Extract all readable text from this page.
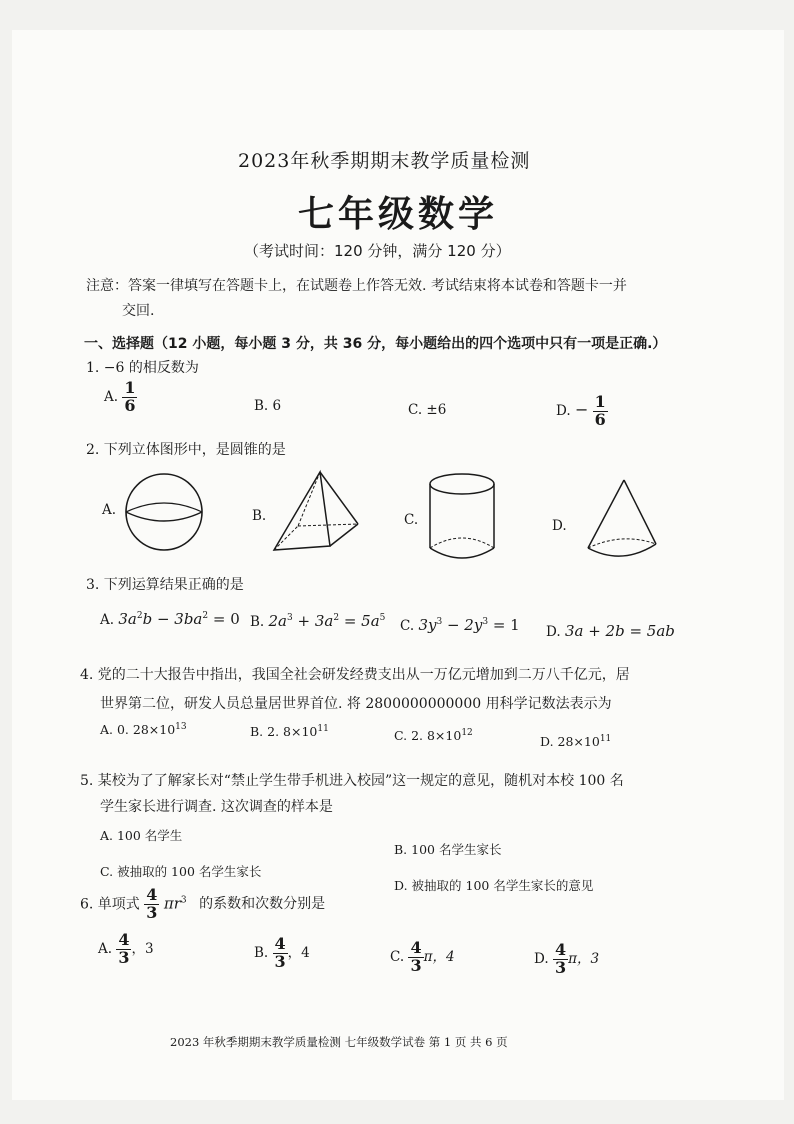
2023年秋季期期末教学质量检测
七年级数学
（考试时间：120 分钟，满分 120 分）
注意：答案一律填写在答题卡上，在试题卷上作答无效. 考试结束将本试卷和答题卡一并
交回.
一、选择题（12 小题，每小题 3 分，共 36 分，每小题给出的四个选项中只有一项是正确.）
1. −6 的相反数为
A. $\frac{1}{6}$	B. 6	C. ±6	D. − $\frac{1}{6}$
2. 下列立体图形中，是圆锥的是
A.	B.	C.	D.
3. 下列运算结果正确的是
A. $3a^2b - 3ba^2 = 0$ B. $2a^3 + 3a^2 = 5a^5$ C. $3y^3 - 2y^3 = 1$ D. 3a + 2b = 5ab
4. 党的二十大报告中指出，我国全社会研发经费支出从一万亿元增加到二万八千亿元，居
世界第二位，研发人员总量居世界首位. 将 2800000000000 用科学记数法表示为
A. 0. $28\times 10^{13}$	B. 2. $8\times 10^{11}$	C. 2. $8\times 10^{12}$
D. $28\times 10^{11}$
5. 某校为了了解家长对“禁止学生带手机进入校园”这一规定的意见，随机对本校 100 名
学生家长进行调查. 这次调查的样本是
A. 100 名学生
B. 100 名学生家长
C. 被抽取的 100 名学生家长
D. 被抽取的 100 名学生家长的意见
6. 单项式 $\frac{4}{3} \pi r^3$ 的系数和次数分别是
A. $\frac{4}{3}$ ，3	B. $\frac{4}{3}$ ，4	C. $\frac{4}{3}$ π，4	D. $\frac{4}{3}$ π，3
2023 年秋季期期末教学质量检测 七年级数学试卷 第 1 页 共 6 页
